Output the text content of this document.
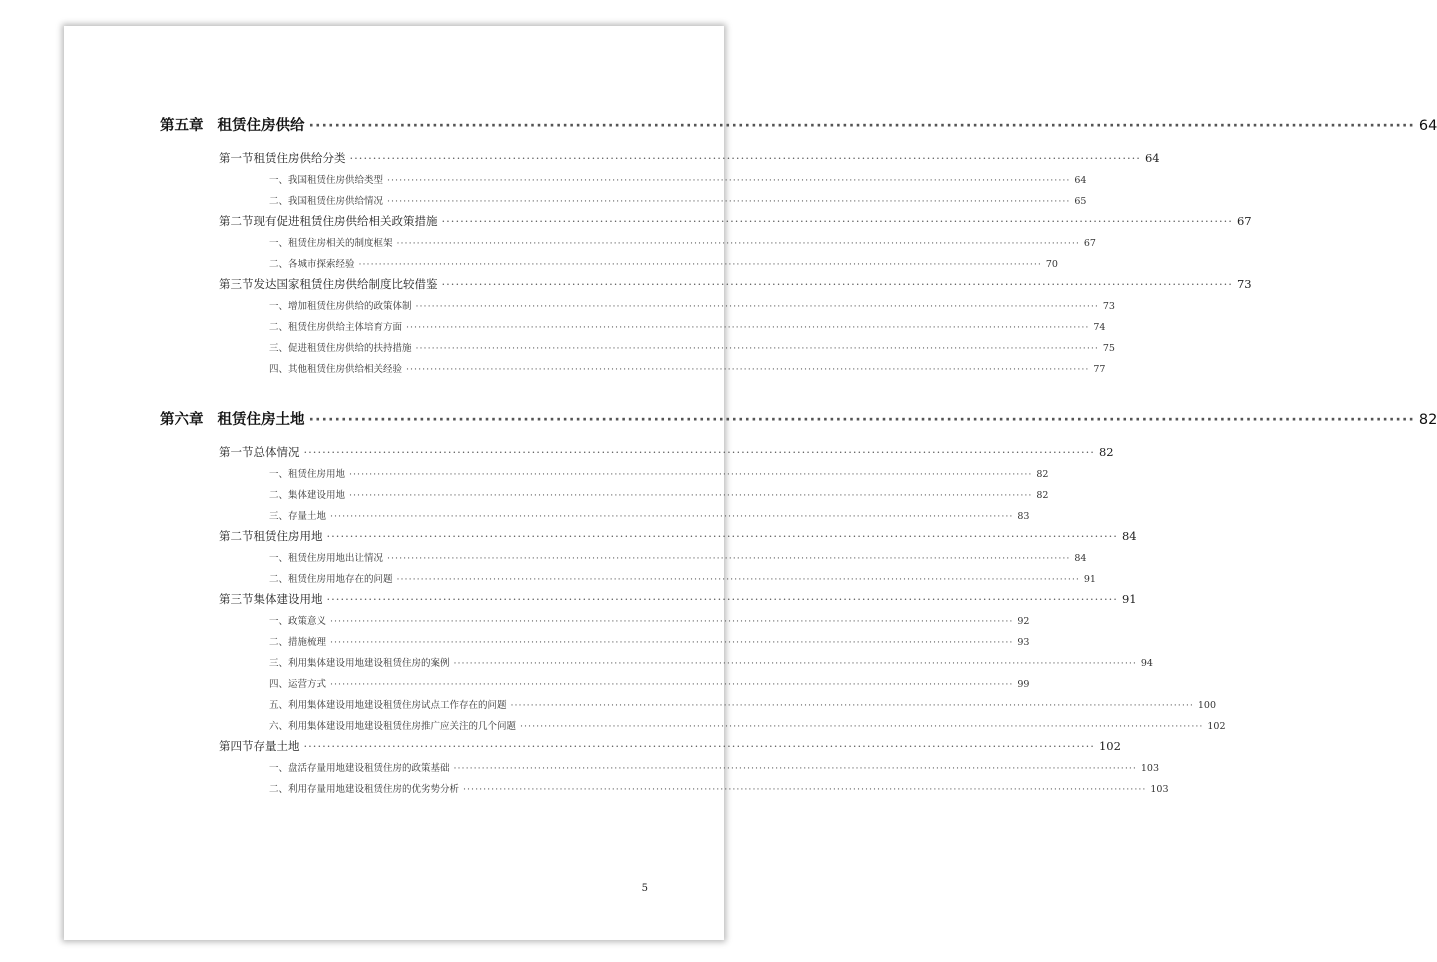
第五章 租赁住房供给 ·····	64
第一节 租赁住房供给分类 ·····	64
一、我国租赁住房供给类型 ·····	64
二、我国租赁住房供给情况 ·····	65
第二节 现有促进租赁住房供给相关政策措施 ·····	67
一、租赁住房相关的制度框架 ·····	67
二、各城市探索经验 ·····	70
第三节 发达国家租赁住房供给制度比较借鉴 ·····	73
一、增加租赁住房供给的政策体制 ·····	73
二、租赁住房供给主体培育方面 ·····	74
三、促进租赁住房供给的扶持措施 ·····	75
四、其他租赁住房供给相关经验 ·····	77
第六章 租赁住房土地 ·····	82
第一节 总体情况 ·····	82
一、租赁住房用地 ·····	82
二、集体建设用地 ·····	82
三、存量土地 ·····	83
第二节 租赁住房用地 ·····	84
一、租赁住房用地出让情况 ·····	84
二、租赁住房用地存在的问题 ·····	91
第三节 集体建设用地 ·····	91
一、政策意义 ·····	92
二、措施梳理 ·····	93
三、利用集体建设用地建设租赁住房的案例 ·····	94
四、运营方式 ·····	99
五、利用集体建设用地建设租赁住房试点工作存在的问题 ·····	100
六、利用集体建设用地建设租赁住房推广应关注的几个问题 ·····	102
第四节 存量土地 ·····	102
一、盘活存量用地建设租赁住房的政策基础 ·····	103
二、利用存量用地建设租赁住房的优劣势分析 ·····	103
5
